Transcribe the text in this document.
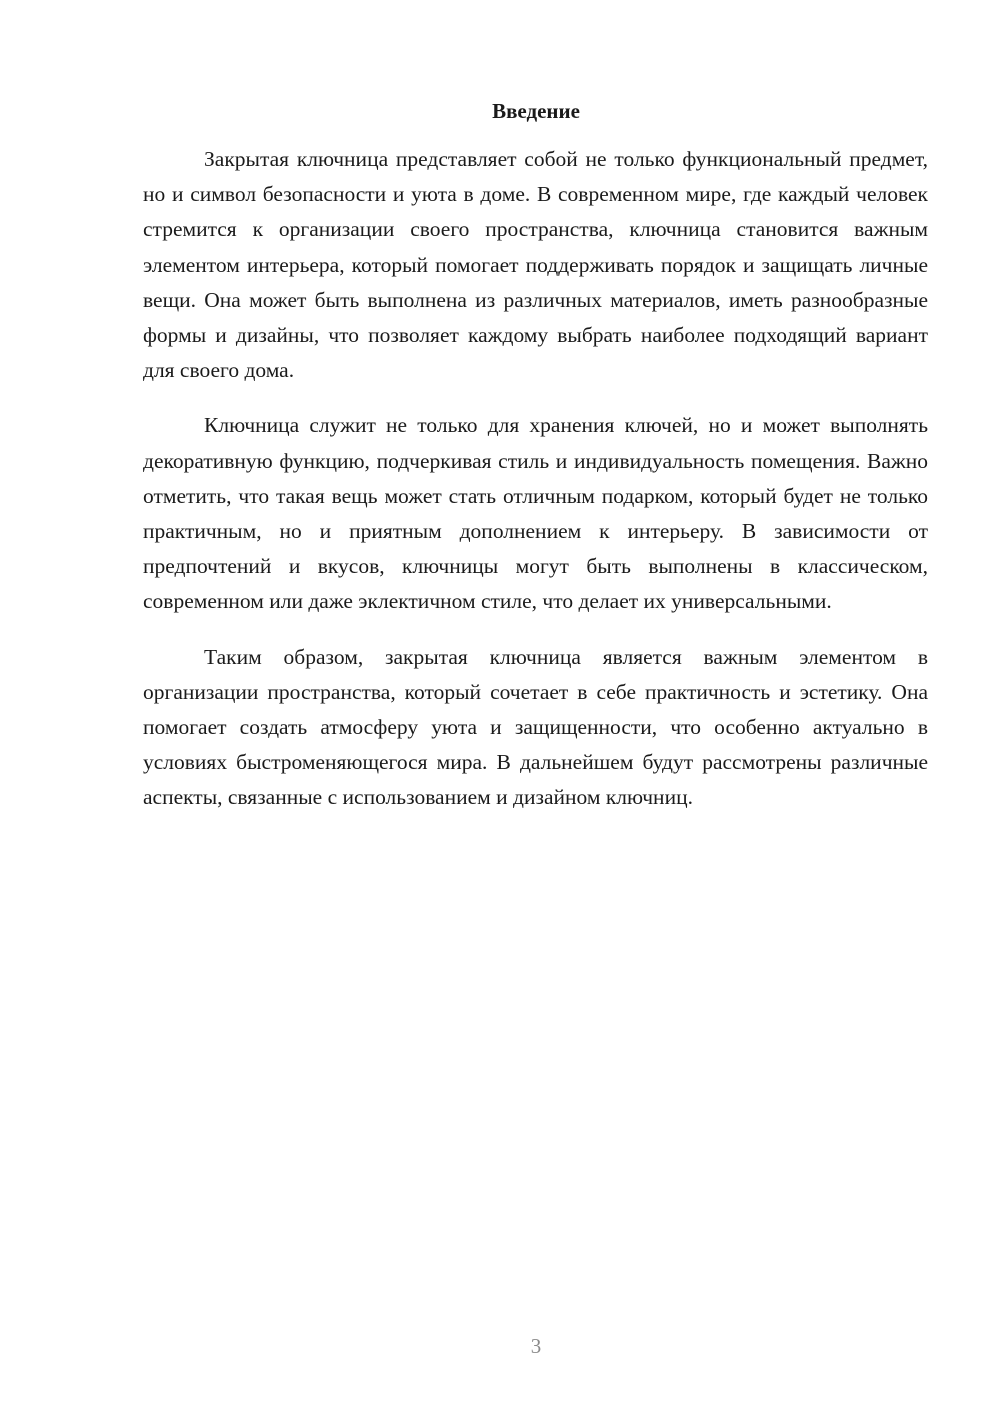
Введение

Закрытая ключница представляет собой не только функциональный предмет, но и символ безопасности и уюта в доме. В современном мире, где каждый человек стремится к организации своего пространства, ключница становится важным элементом интерьера, который помогает поддерживать порядок и защищать личные вещи. Она может быть выполнена из различных материалов, иметь разнообразные формы и дизайны, что позволяет каждому выбрать наиболее подходящий вариант для своего дома.

Ключница служит не только для хранения ключей, но и может выполнять декоративную функцию, подчеркивая стиль и индивидуальность помещения. Важно отметить, что такая вещь может стать отличным подарком, который будет не только практичным, но и приятным дополнением к интерьеру. В зависимости от предпочтений и вкусов, ключницы могут быть выполнены в классическом, современном или даже эклектичном стиле, что делает их универсальными.

Таким образом, закрытая ключница является важным элементом в организации пространства, который сочетает в себе практичность и эстетику. Она помогает создать атмосферу уюта и защищенности, что особенно актуально в условиях быстроменяющегося мира. В дальнейшем будут рассмотрены различные аспекты, связанные с использованием и дизайном ключниц.

3
